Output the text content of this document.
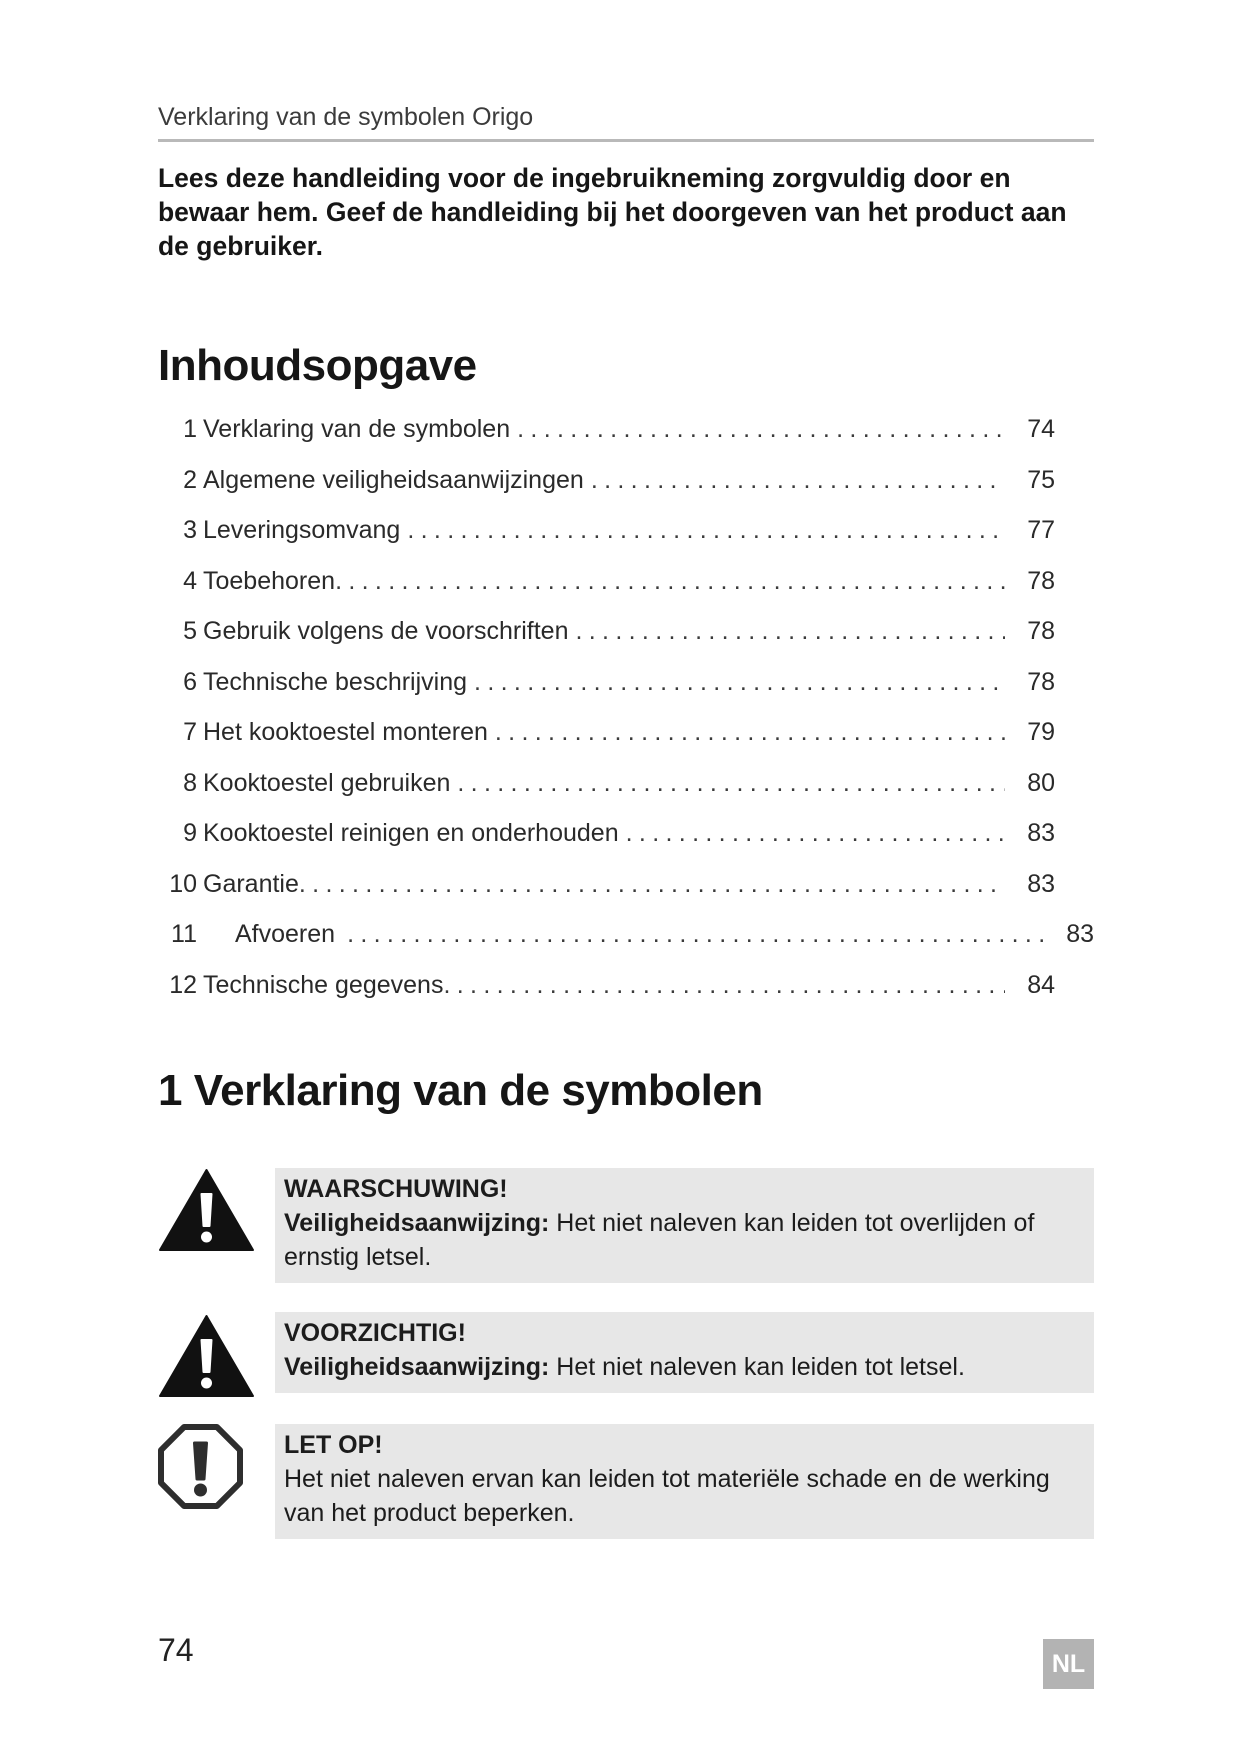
Verklaring van de symbolen Origo
Lees deze handleiding voor de ingebruikneming zorgvuldig door en
bewaar hem. Geef de handleiding bij het doorgeven van het product aan
de gebruiker.
Inhoudsopgave
1 Verklaring van de symbolen . . .	74
2 Algemene veiligheidsaanwijzingen . . .	75
3 Leveringsomvang . . .	77
4 Toebehoren . . .	78
5 Gebruik volgens de voorschriften . . .	78
6 Technische beschrijving . . .	78
7 Het kooktoestel monteren . . .	79
8 Kooktoestel gebruiken . . .	80
9 Kooktoestel reinigen en onderhouden . . .	83
10 Garantie . . .	83
11 Afvoeren . . .	83
12 Technische gegevens . . .	84
1 Verklaring van de symbolen
WAARSCHUWING!

Veiligheidsaanwijzing: Het niet naleven kan leiden tot overlijden of ernstig letsel.

VOORZICHTIG!

Veiligheidsaanwijzing: Het niet naleven kan leiden tot letsel.

LET OP!

Het niet naleven ervan kan leiden tot materiële schade en de werking van het product beperken.

74	NL
